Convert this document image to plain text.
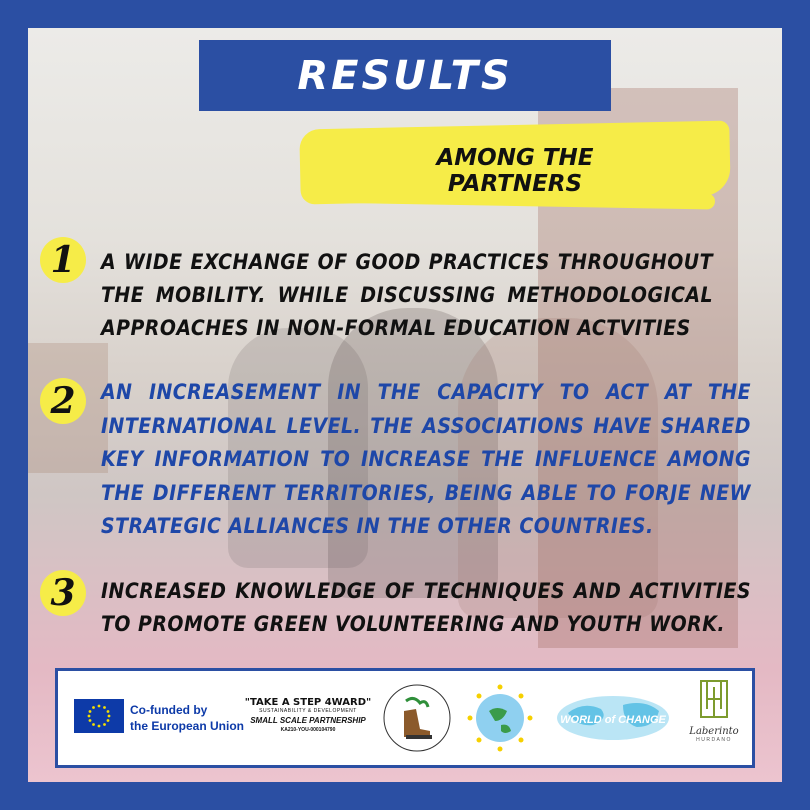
RESULTS
AMONG THE PARTNERS
1	A WIDE EXCHANGE OF GOOD PRACTICES THROUGHOUT THE MOBILITY. WHILE DISCUSSING METHODOLOGICAL APPROACHES IN NON-FORMAL EDUCATION ACTVITIES
2	AN INCREASEMENT IN THE CAPACITY TO ACT AT THE INTERNATIONAL LEVEL. THE ASSOCIATIONS HAVE SHARED KEY INFORMATION TO INCREASE THE INFLUENCE AMONG THE DIFFERENT TERRITORIES, BEING ABLE TO FORJE NEW STRATEGIC ALLIANCES IN THE OTHER COUNTRIES.
3	INCREASED KNOWLEDGE OF TECHNIQUES AND ACTIVITIES TO PROMOTE GREEN VOLUNTEERING AND YOUTH WORK.
Co-funded by
the European Union
"TAKE A STEP 4WARD"
SUSTAINABILITY & DEVELOPMENT
SMALL SCALE PARTNERSHIP
KA210-YOU-000104790
WORLD of CHANGE
Laberinto
HURDANO
